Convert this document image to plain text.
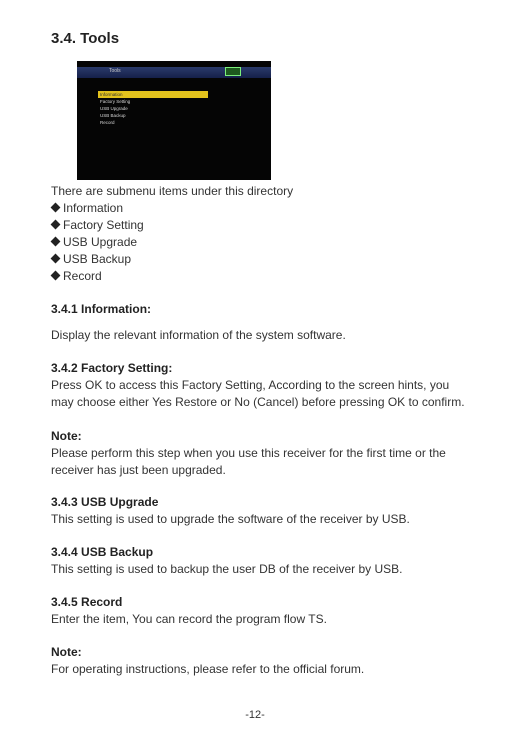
3.4. Tools
Tools
Information
Factory Setting
USB Upgrade
USB Backup
Record
There are submenu items under this directory
Information
Factory Setting
USB Upgrade
USB Backup
Record
3.4.1 Information:
Display the relevant information of the system software.
3.4.2 Factory Setting:
Press OK to access this Factory Setting, According to the screen hints, you
may choose either Yes Restore or No (Cancel) before pressing OK to confirm.
Note:
Please perform this step when you use this receiver for the first time or the
receiver has just been upgraded.
3.4.3 USB Upgrade
This setting is used to upgrade the software of the receiver by USB.
3.4.4 USB Backup
This setting is used to backup the user DB of the receiver by USB.
3.4.5 Record
Enter the item, You can record the program flow TS.
Note:
For operating instructions, please refer to the official forum.
-12-
